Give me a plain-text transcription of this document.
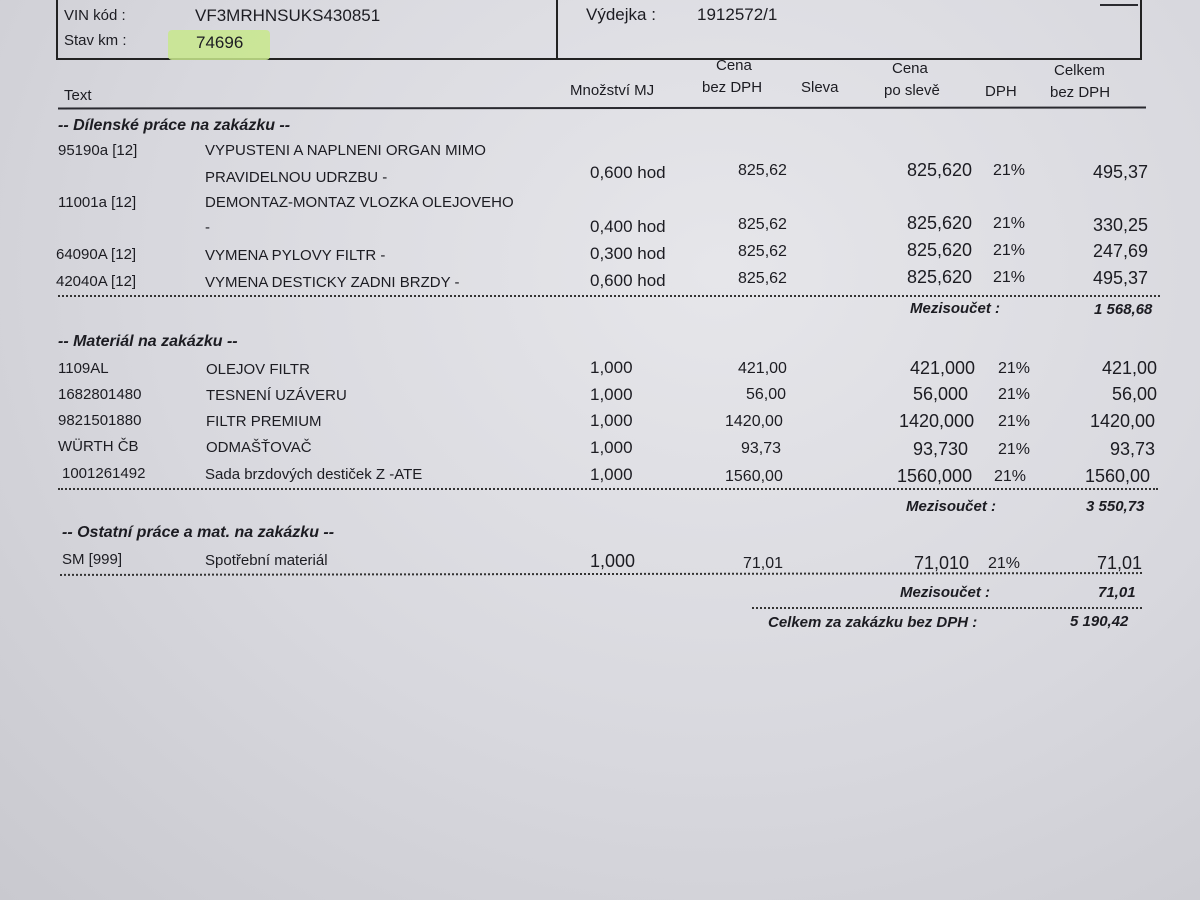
VIN kód :	VF3MRHNSUKS430851
Stav km :	74696
Výdejka : 1912572/1
Text	Množství MJ
Cena
bez DPH	Sleva
Cena
po slevě	DPH
Celkem
bez DPH
-- Dílenské práce na zakázku --
95190a [12]	VYPUSTENI A NAPLNENI ORGAN MIMO
PRAVIDELNOU UDRZBU -	0,600 hod	825,62	825,620 21%	495,37
11001a [12]	DEMONTAZ-MONTAZ VLOZKA OLEJOVEHO
-	0,400 hod	825,62	825,620 21%	330,25
64090A [12]	VYMENA PYLOVY FILTR -	0,300 hod	825,62	825,620 21%	247,69
42040A [12]	VYMENA DESTICKY ZADNI BRZDY -	0,600 hod	825,62	825,620 21%	495,37
Mezisoučet :	1 568,68
-- Materiál na zakázku --
1109AL	OLEJOV FILTR	1,000	421,00	421,000 21%	421,00
1682801480	TESNENÍ UZÁVERU	1,000	56,00	56,000 21%	56,00
9821501880	FILTR PREMIUM	1,000	1420,00	1420,000 21%	1420,00
WÜRTH ČB	ODMAŠŤOVAČ	1,000	93,73	93,730 21%	93,73
1001261492	Sada brzdových destiček Z -ATE	1,000	1560,00	1560,000 21%	1560,00
Mezisoučet :	3 550,73
-- Ostatní práce a mat. na zakázku --
SM [999]	Spotřební materiál	1,000	71,01	71,010 21%	71,01
Mezisoučet :	71,01
Celkem za zakázku bez DPH :	5 190,42
